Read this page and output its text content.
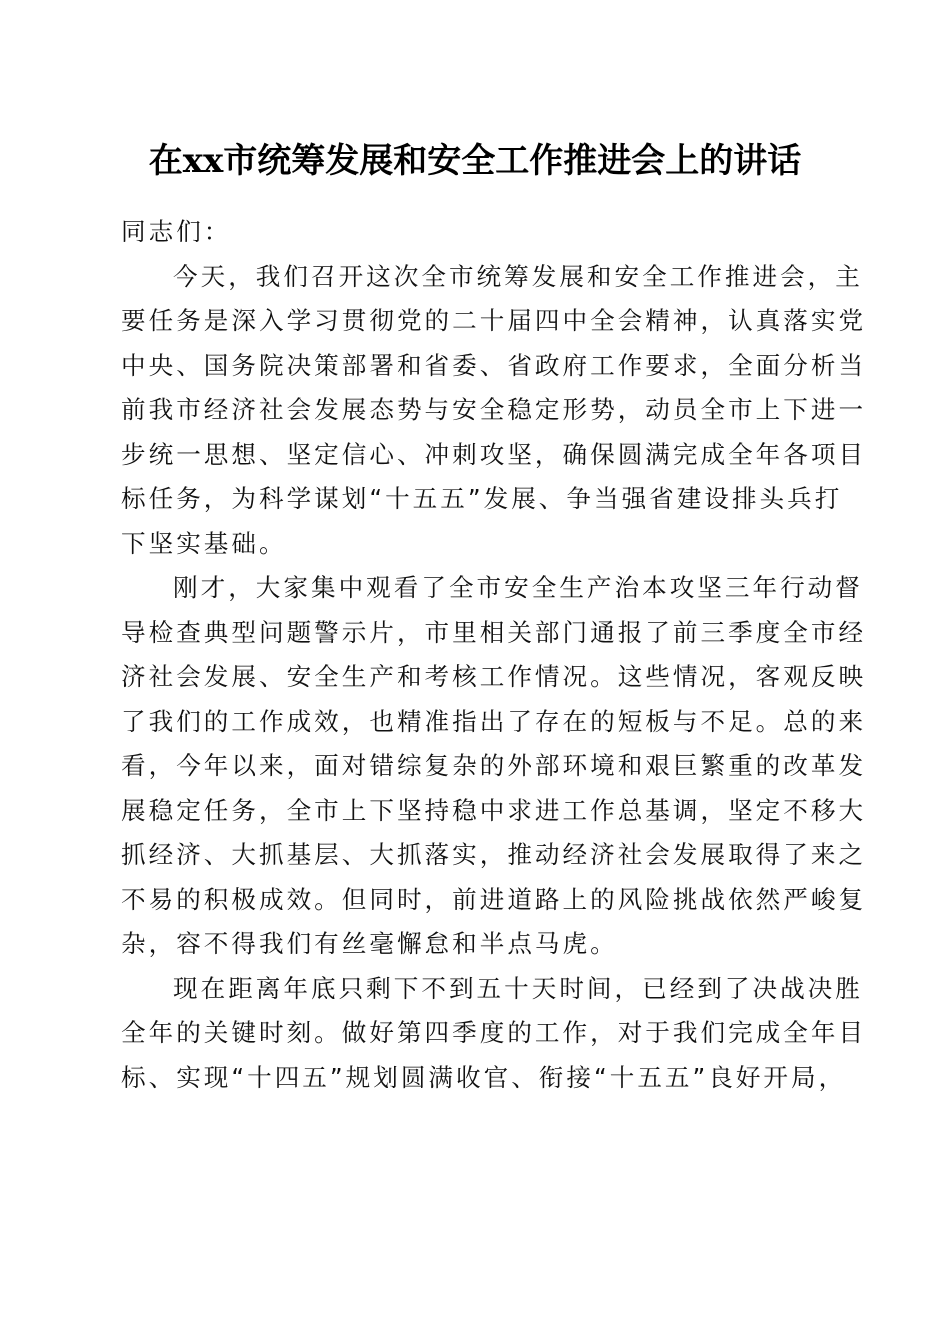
在xx市统筹发展和安全工作推进会上的讲话

同志们：

今天，我们召开这次全市统筹发展和安全工作推进会，主
要任务是深入学习贯彻党的二十届四中全会精神，认真落实党
中央、国务院决策部署和省委、省政府工作要求，全面分析当
前我市经济社会发展态势与安全稳定形势，动员全市上下进一
步统一思想、坚定信心、冲刺攻坚，确保圆满完成全年各项目
标任务，为科学谋划“十五五”发展、争当强省建设排头兵打
下坚实基础。

刚才，大家集中观看了全市安全生产治本攻坚三年行动督
导检查典型问题警示片，市里相关部门通报了前三季度全市经
济社会发展、安全生产和考核工作情况。这些情况，客观反映
了我们的工作成效，也精准指出了存在的短板与不足。总的来
看，今年以来，面对错综复杂的外部环境和艰巨繁重的改革发
展稳定任务，全市上下坚持稳中求进工作总基调，坚定不移大
抓经济、大抓基层、大抓落实，推动经济社会发展取得了来之
不易的积极成效。但同时，前进道路上的风险挑战依然严峻复
杂，容不得我们有丝毫懈怠和半点马虎。

现在距离年底只剩下不到五十天时间，已经到了决战决胜
全年的关键时刻。做好第四季度的工作，对于我们完成全年目
标、实现“十四五”规划圆满收官、衔接“十五五”良好开局，
